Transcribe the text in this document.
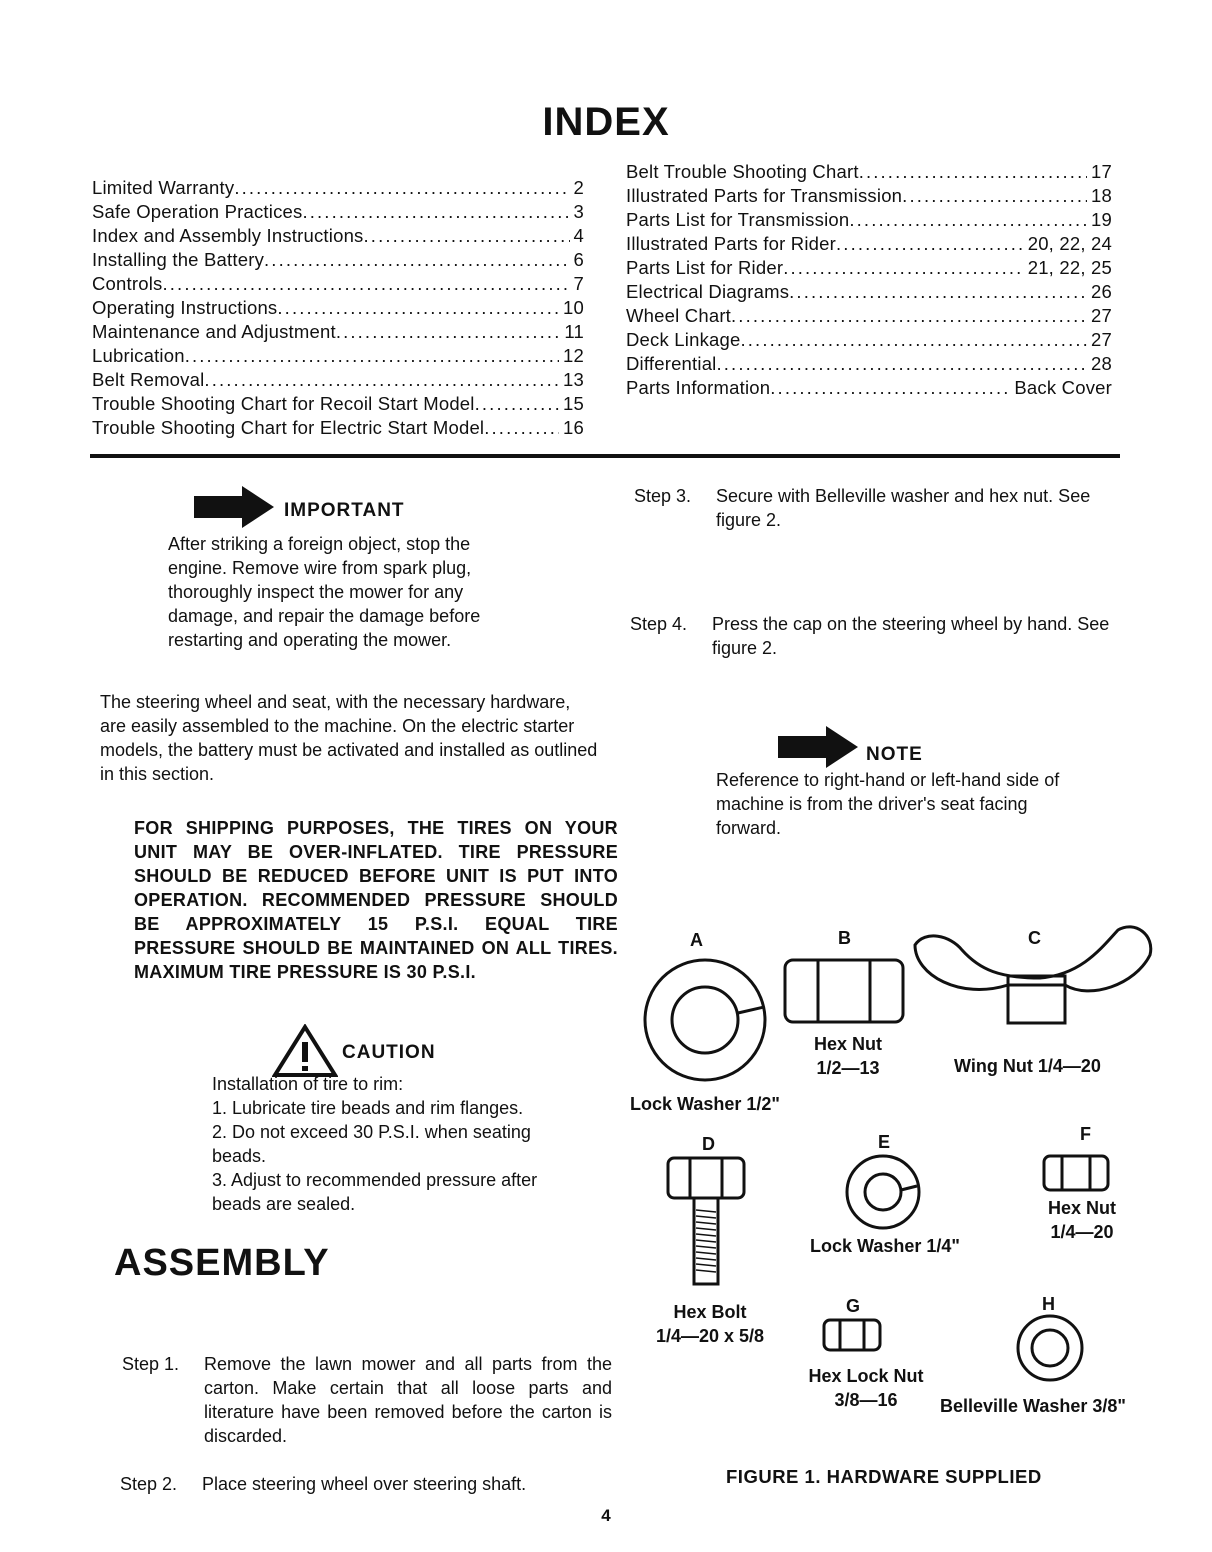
INDEX
Limited Warranty . . .	2
Safe Operation Practices . . .	3
Index and Assembly Instructions . . .	4
Installing the Battery . . .	6
Controls . . .	7
Operating Instructions . . .	10
Maintenance and Adjustment . . .	11
Lubrication . . .	12
Belt Removal . . .	13
Trouble Shooting Chart for Recoil Start Model . . .	15
Trouble Shooting Chart for Electric Start Model . . .	16
Belt Trouble Shooting Chart . . .	17
Illustrated Parts for Transmission . . .	18
Parts List for Transmission . . .	19
Illustrated Parts for Rider . . .	20, 22, 24
Parts List for Rider . . .	21, 22, 25
Electrical Diagrams . . .	26
Wheel Chart . . .	27
Deck Linkage . . .	27
Differential . . .	28
Parts Information . . .	Back Cover
IMPORTANT
After striking a foreign object, stop the engine. Remove wire from spark plug, thoroughly inspect the mower for any damage, and repair the damage before restarting and operating the mower.
The steering wheel and seat, with the necessary hardware, are easily assembled to the machine. On the electric starter models, the battery must be activated and installed as outlined in this section.
FOR SHIPPING PURPOSES, THE TIRES ON YOUR UNIT MAY BE OVER-INFLATED. TIRE PRESSURE SHOULD BE REDUCED BEFORE UNIT IS PUT INTO OPERATION. RECOMMENDED PRESSURE SHOULD BE APPROXIMATELY 15 P.S.I. EQUAL TIRE PRESSURE SHOULD BE MAINTAINED ON ALL TIRES. MAXIMUM TIRE PRESSURE IS 30 P.S.I.
CAUTION
Installation of tire to rim:
1. Lubricate tire beads and rim flanges.
2. Do not exceed 30 P.S.I. when seating beads.
3. Adjust to recommended pressure after beads are sealed.
ASSEMBLY
Step 1.	Remove the lawn mower and all parts from the carton. Make certain that all loose parts and literature have been removed before the carton is discarded.
Step 2.	Place steering wheel over steering shaft.
Step 3.	Secure with Belleville washer and hex nut. See figure 2.
Step 4.	Press the cap on the steering wheel by hand. See figure 2.
NOTE
Reference to right-hand or left-hand side of machine is from the driver's seat facing forward.
A	B	C
D	E	F
G	H
Lock Washer 1/2"
Hex Nut
1/2—13	Wing Nut 1/4—20
Hex Bolt
1/4—20 x 5/8
Lock Washer 1/4"
Hex Nut
1/4—20
Hex Lock Nut
3/8—16	Belleville Washer 3/8"
FIGURE 1. HARDWARE SUPPLIED
4
